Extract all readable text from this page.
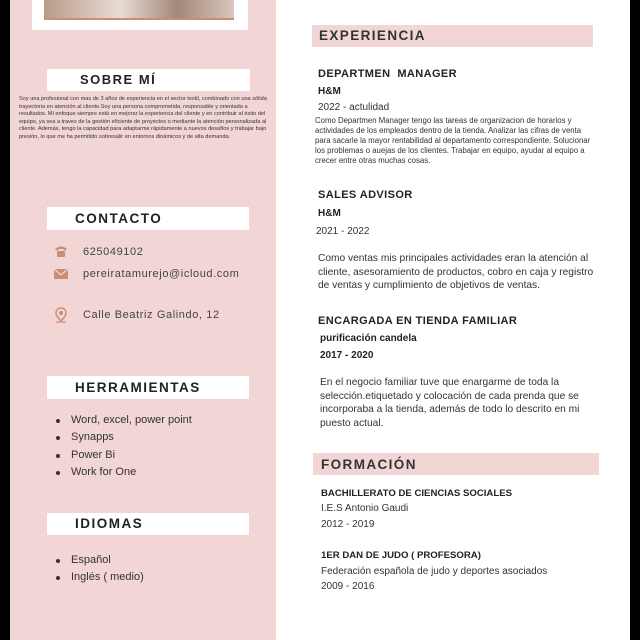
SOBRE MÍ
Soy una profesional con mas de 3 años de experiencia en el sector textil, combinado con una sólida trayectoria en atención al cliente.Soy una persona comprometida, responsable y orientada a resultados. Mi enfoque siempre está en mejorar la experiencia del cliente y en contribuir al éxito del equipo, ya sea a traves de la gestión eficiente de proyectos o mediante la atención personalizada al cliente. Además, tengo la capacidad para adaptarme rápidamente a nuevos desafíos y trabajar bajo presión, lo que me ha permitido sobresalir en entornos dinámicos y de alta demanda.
CONTACTO
625049102
pereiratamurejo@icloud.com
Calle Beatriz Galindo, 12
HERRAMIENTAS
Word, excel, power point
Synapps
Power Bi
Work for One
IDIOMAS
Español
Inglés ( medio)
EXPERIENCIA
DEPARTMEN  MANAGER
H&M
2022 - actulidad
Como Departmen Manager tengo las tareas de organizacion de horarios y actividades de los empleados dentro de la tienda. Analizar las cifras de venta para sacarle la mayor rentabilidad al departamento correspondiente. Solucionar los problemas o auejas de los clientes. Trabajar en equipo, ayudar al equipo a crecer entre otras muchas cosas.
SALES ADVISOR
H&M
2021 - 2022
Como ventas mis principales actividades eran la atención al cliente, asesoramiento de productos, cobro en caja y registro de ventas y cumplimiento de objetivos de ventas.
ENCARGADA EN TIENDA FAMILIAR
purificación candela
2017 - 2020
En el negocio familiar tuve que enargarme de toda la selección.etiquetado y colocación de cada prenda que se incorporaba a la tienda, además de todo lo descrito en mi puesto actual.
FORMACIÓN
BACHILLERATO DE CIENCIAS SOCIALES
I.E.S Antonio Gaudi
2012 - 2019
1ER DAN DE JUDO ( PROFESORA)
Federación española de judo y deportes asociados
2009 - 2016
